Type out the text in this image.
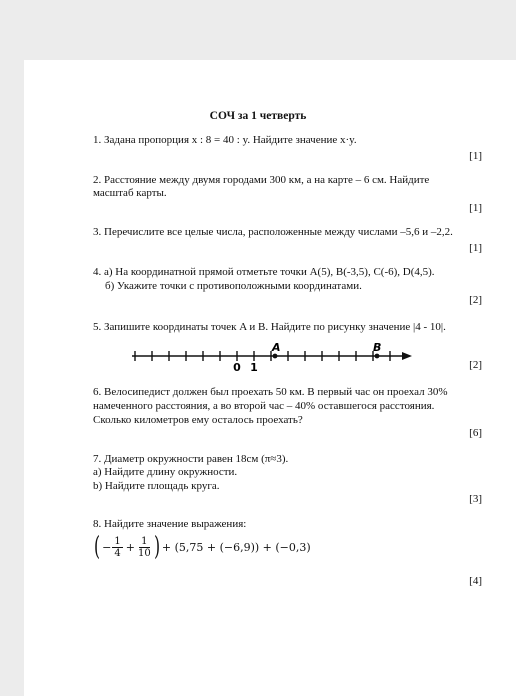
СОЧ за 1 четверть
1. Задана пропорция x : 8 = 40 : y. Найдите значение x·y.
[1]
2. Расстояние между двумя городами 300 км, а на карте – 6 см. Найдите
масштаб карты.
[1]
3. Перечислите все целые числа, расположенные между числами –5,6 и –2,2.
[1]
4. а) На координатной прямой отметьте точки A(5), B(-3,5), C(-6), D(4,5).
б) Укажите точки с противоположными координатами.
[2]
5. Запишите координаты точек A и B. Найдите по рисунку значение |4 - 10|.
A	B
0 1	[2]
6. Велосипедист должен был проехать 50 км. В первый час он проехал 30%
намеченного расстояния, а во второй час – 40% оставшегося расстояния.
Сколько километров ему осталось проехать?
[6]
7. Диаметр окружности равен 18см (π≈3).
а) Найдите длину окружности.
b) Найдите площадь круга.
[3]
8. Найдите значение выражения:
( − $\frac{1}{4} + \frac{1}{10}$ ) + (5,75 + (−6,9)) + (−0,3)
[4]
